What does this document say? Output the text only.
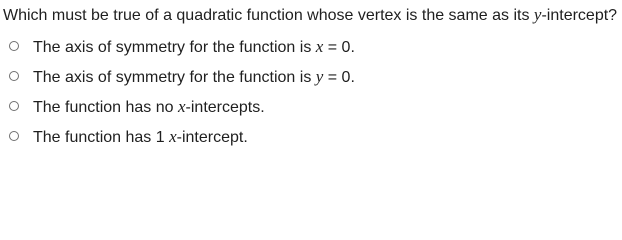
Which must be true of a quadratic function whose vertex is the same as its y-intercept?
The axis of symmetry for the function is x = 0.
The axis of symmetry for the function is y = 0.
The function has no x-intercepts.
The function has 1 x-intercept.
